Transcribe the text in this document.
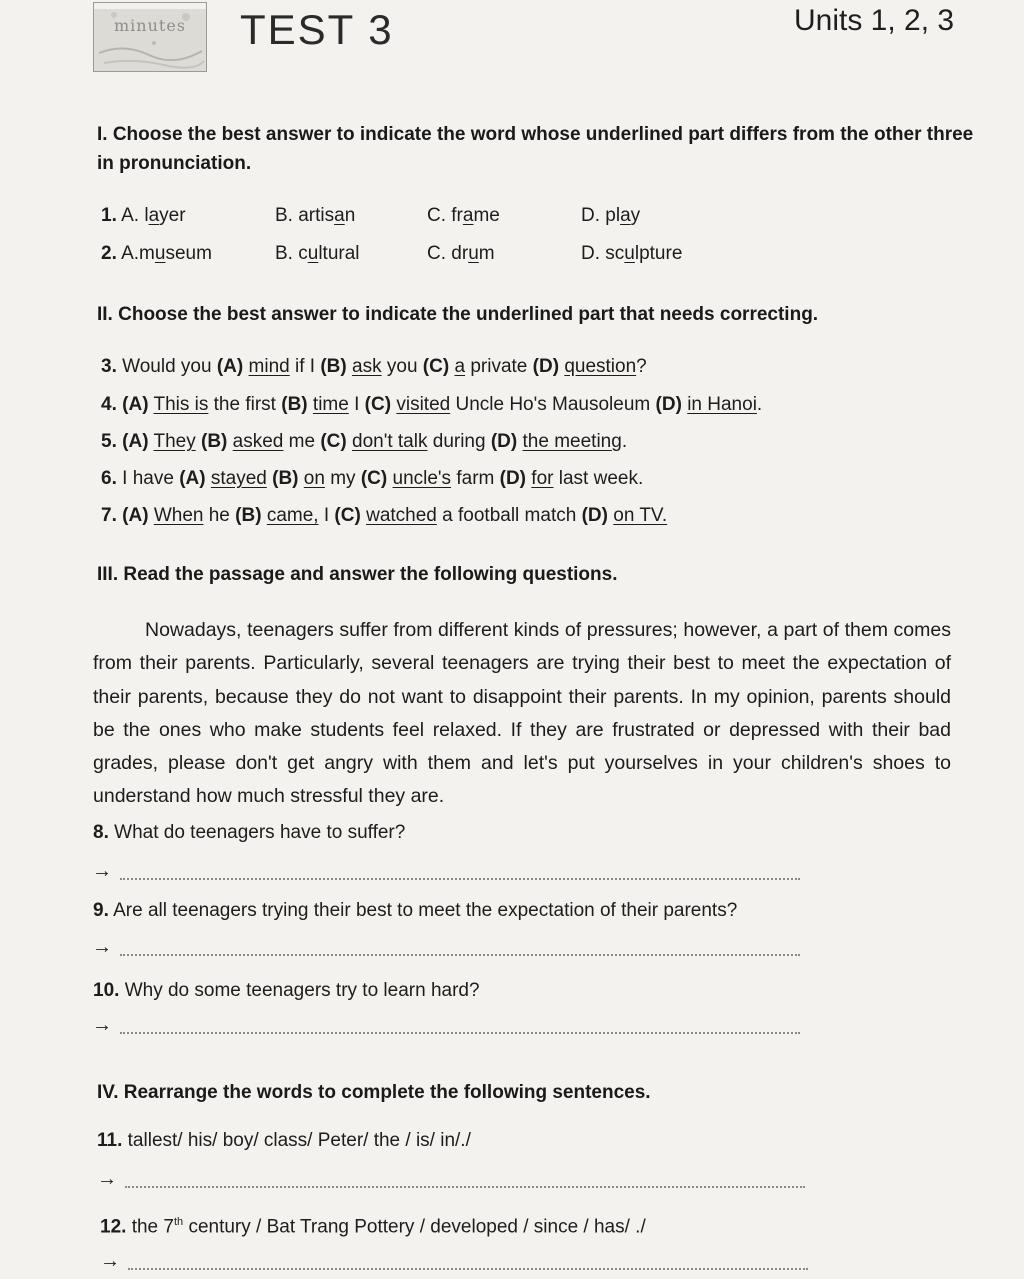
minutes TEST 3	Units 1, 2, 3
I. Choose the best answer to indicate the word whose underlined part differs from the other three
in pronunciation.
1. A. layer	B. artisan	C. frame	D. play
2. A.museum	B. cultural	C. drum	D. sculpture
II. Choose the best answer to indicate the underlined part that needs correcting.
3. Would you (A) mind if I (B) ask you (C) a private (D) question?
4. (A) This is the first (B) time I (C) visited Uncle Ho's Mausoleum (D) in Hanoi.
5. (A) They (B) asked me (C) don't talk during (D) the meeting.
6. I have (A) stayed (B) on my (C) uncle's farm (D) for last week.
7. (A) When he (B) came, I (C) watched a football match (D) on TV.
III. Read the passage and answer the following questions.
Nowadays, teenagers suffer from different kinds of pressures; however, a part of them comes from their parents. Particularly, several teenagers are trying their best to meet the expectation of their parents, because they do not want to disappoint their parents. In my opinion, parents should be the ones who make students feel relaxed. If they are frustrated or depressed with their bad grades, please don't get angry with them and let's put yourselves in your children's shoes to understand how much stressful they are.
8. What do teenagers have to suffer?
→
9. Are all teenagers trying their best to meet the expectation of their parents?
→
10. Why do some teenagers try to learn hard?
→
IV. Rearrange the words to complete the following sentences.
11. tallest/ his/ boy/ class/ Peter/ the / is/ in/./
→
12. the 7th century / Bat Trang Pottery / developed / since / has/ ./
→
